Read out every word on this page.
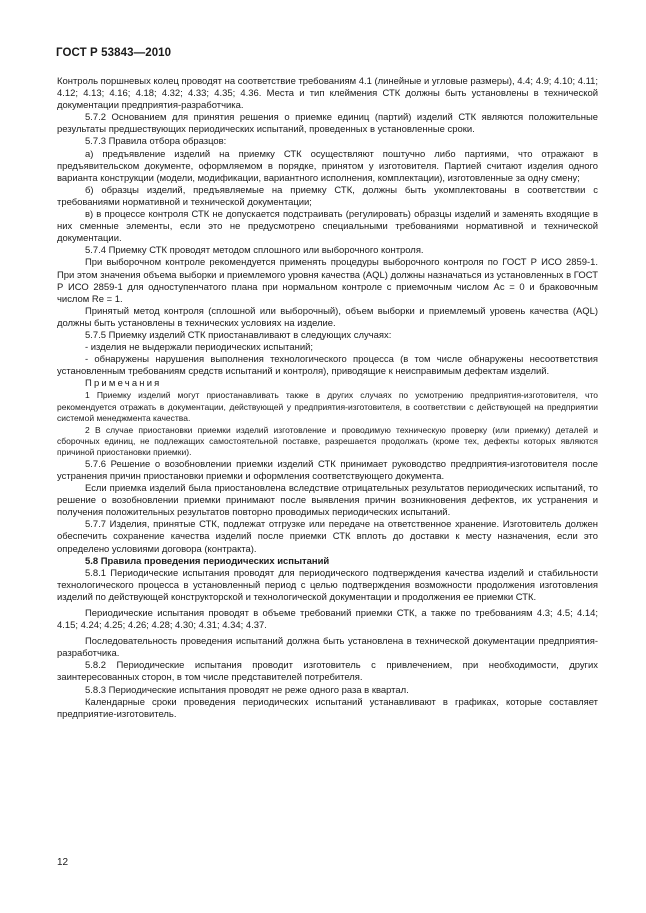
ГОСТ Р 53843—2010

Контроль поршневых колец проводят на соответствие требованиям 4.1 (линейные и угловые размеры), 4.4; 4.9; 4.10; 4.11; 4.12; 4.13; 4.16; 4.18; 4.32; 4.33; 4.35; 4.36. Места и тип клеймения СТК должны быть установлены в технической документации предприятия-разработчика.

5.7.2 Основанием для принятия решения о приемке единиц (партий) изделий СТК являются положительные результаты предшествующих периодических испытаний, проведенных в установленные сроки.

5.7.3 Правила отбора образцов:

а) предъявление изделий на приемку СТК осуществляют поштучно либо партиями, что отражают в предъявительском документе, оформляемом в порядке, принятом у изготовителя. Партией считают изделия одного варианта конструкции (модели, модификации, вариантного исполнения, комплектации), изготовленные за одну смену;

б) образцы изделий, предъявляемые на приемку СТК, должны быть укомплектованы в соответствии с требованиями нормативной и технической документации;

в) в процессе контроля СТК не допускается подстраивать (регулировать) образцы изделий и заменять входящие в них сменные элементы, если это не предусмотрено специальными требованиями нормативной и технической документации.

5.7.4 Приемку СТК проводят методом сплошного или выборочного контроля.

При выборочном контроле рекомендуется применять процедуры выборочного контроля по ГОСТ Р ИСО 2859-1. При этом значения объема выборки и приемлемого уровня качества (AQL) должны назначаться из установленных в ГОСТ Р ИСО 2859-1 для одноступенчатого плана при нормальном контроле с приемочным числом Ас = 0 и браковочным числом Re = 1.

Принятый метод контроля (сплошной или выборочный), объем выборки и приемлемый уровень качества (AQL) должны быть установлены в технических условиях на изделие.

5.7.5 Приемку изделий СТК приостанавливают в следующих случаях:

- изделия не выдержали периодических испытаний;

- обнаружены нарушения выполнения технологического процесса (в том числе обнаружены несоответствия установленным требованиям средств испытаний и контроля), приводящие к неисправимым дефектам изделий.

Примечания

1 Приемку изделий могут приостанавливать также в других случаях по усмотрению предприятия-изготовителя, что рекомендуется отражать в документации, действующей у предприятия-изготовителя, в соответствии с действующей на предприятии системой менеджмента качества.

2 В случае приостановки приемки изделий изготовление и проводимую техническую проверку (или приемку) деталей и сборочных единиц, не подлежащих самостоятельной поставке, разрешается продолжать (кроме тех, дефекты которых являются причиной приостановки приемки).

5.7.6 Решение о возобновлении приемки изделий СТК принимает руководство предприятия-изготовителя после устранения причин приостановки приемки и оформления соответствующего документа.

Если приемка изделий была приостановлена вследствие отрицательных результатов периодических испытаний, то решение о возобновлении приемки принимают после выявления причин возникновения дефектов, их устранения и получения положительных результатов повторно проводимых периодических испытаний.

5.7.7 Изделия, принятые СТК, подлежат отгрузке или передаче на ответственное хранение. Изготовитель должен обеспечить сохранение качества изделий после приемки СТК вплоть до доставки к месту назначения, если это определено условиями договора (контракта).

5.8 Правила проведения периодических испытаний

5.8.1 Периодические испытания проводят для периодического подтверждения качества изделий и стабильности технологического процесса в установленный период с целью подтверждения возможности продолжения изготовления изделий по действующей конструкторской и технологической документации и продолжения ее приемки СТК.

Периодические испытания проводят в объеме требований приемки СТК, а также по требованиям 4.3; 4.5; 4.14; 4.15; 4.24; 4.25; 4.26; 4.28; 4.30; 4.31; 4.34; 4.37.

Последовательность проведения испытаний должна быть установлена в технической документации предприятия-разработчика.

5.8.2 Периодические испытания проводит изготовитель с привлечением, при необходимости, других заинтересованных сторон, в том числе представителей потребителя.

5.8.3 Периодические испытания проводят не реже одного раза в квартал.

Календарные сроки проведения периодических испытаний устанавливают в графиках, которые составляет предприятие-изготовитель.

12
